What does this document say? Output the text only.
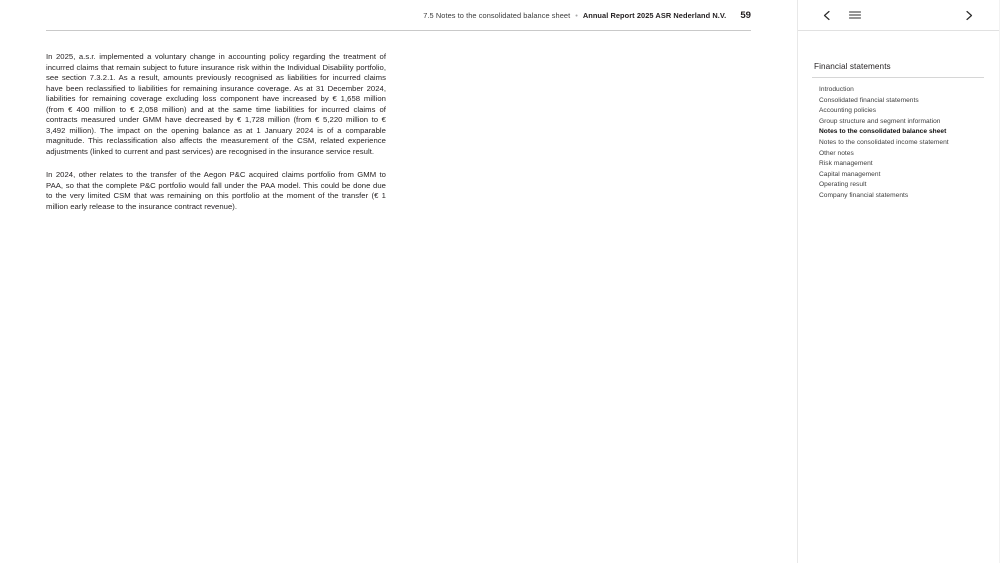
7.5 Notes to the consolidated balance sheet • Annual Report 2025 ASR Nederland N.V. 59

In 2025, a.s.r. implemented a voluntary change in accounting policy regarding the treatment of incurred claims that remain subject to future insurance risk within the Individual Disability portfolio, see section 7.3.2.1. As a result, amounts previously recognised as liabilities for incurred claims have been reclassified to liabilities for remaining insurance coverage. As at 31 December 2024, liabilities for remaining coverage excluding loss component have increased by € 1,658 million (from € 400 million to € 2,058 million) and at the same time liabilities for incurred claims of contracts measured under GMM have decreased by € 1,728 million (from € 5,220 million to € 3,492 million). The impact on the opening balance as at 1 January 2024 is of a comparable magnitude. This reclassification also affects the measurement of the CSM, related experience adjustments (linked to current and past services) are recognised in the insurance service result.

In 2024, other relates to the transfer of the Aegon P&C acquired claims portfolio from GMM to PAA, so that the complete P&C portfolio would fall under the PAA model. This could be done due to the very limited CSM that was remaining on this portfolio at the moment of the transfer (€ 1 million early release to the insurance contract revenue).

Financial statements
Introduction
Consolidated financial statements
Accounting policies
Group structure and segment information
Notes to the consolidated balance sheet
Notes to the consolidated income statement
Other notes
Risk management
Capital management
Operating result
Company financial statements
